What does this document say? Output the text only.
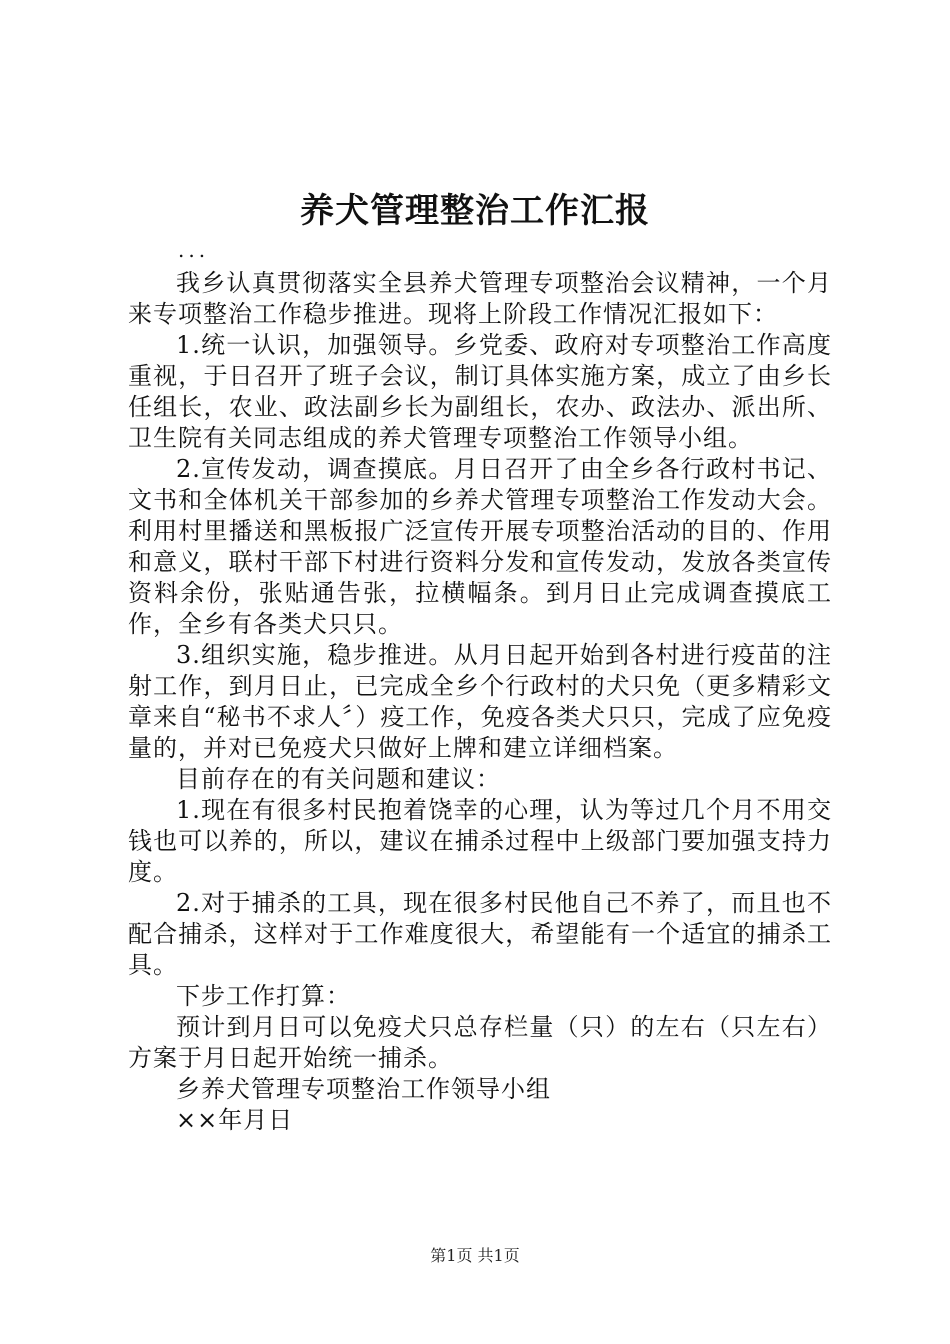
养犬管理整治工作汇报
...

我乡认真贯彻落实全县养犬管理专项整治会议精神，一个月来专项整治工作稳步推进。现将上阶段工作情况汇报如下：

1.统一认识，加强领导。乡党委、政府对专项整治工作高度重视，于日召开了班子会议，制订具体实施方案，成立了由乡长任组长，农业、政法副乡长为副组长，农办、政法办、派出所、卫生院有关同志组成的养犬管理专项整治工作领导小组。

2.宣传发动，调查摸底。月日召开了由全乡各行政村书记、文书和全体机关干部参加的乡养犬管理专项整治工作发动大会。利用村里播送和黑板报广泛宣传开展专项整治活动的目的、作用和意义，联村干部下村进行资料分发和宣传发动，发放各类宣传资料余份，张贴通告张，拉横幅条。到月日止完成调查摸底工作，全乡有各类犬只只。

3.组织实施，稳步推进。从月日起开始到各村进行疫苗的注射工作，到月日止，已完成全乡个行政村的犬只免（更多精彩文章来自“秘书不求人〞）疫工作，免疫各类犬只只，完成了应免疫量的，并对已免疫犬只做好上牌和建立详细档案。

目前存在的有关问题和建议：

1.现在有很多村民抱着饶幸的心理，认为等过几个月不用交钱也可以养的，所以，建议在捕杀过程中上级部门要加强支持力度。

2.对于捕杀的工具，现在很多村民他自己不养了，而且也不配合捕杀，这样对于工作难度很大，希望能有一个适宜的捕杀工具。

下步工作打算：

预计到月日可以免疫犬只总存栏量（只）的左右（只左右）方案于月日起开始统一捕杀。

乡养犬管理专项整治工作领导小组

××年月日

第1页 共1页
